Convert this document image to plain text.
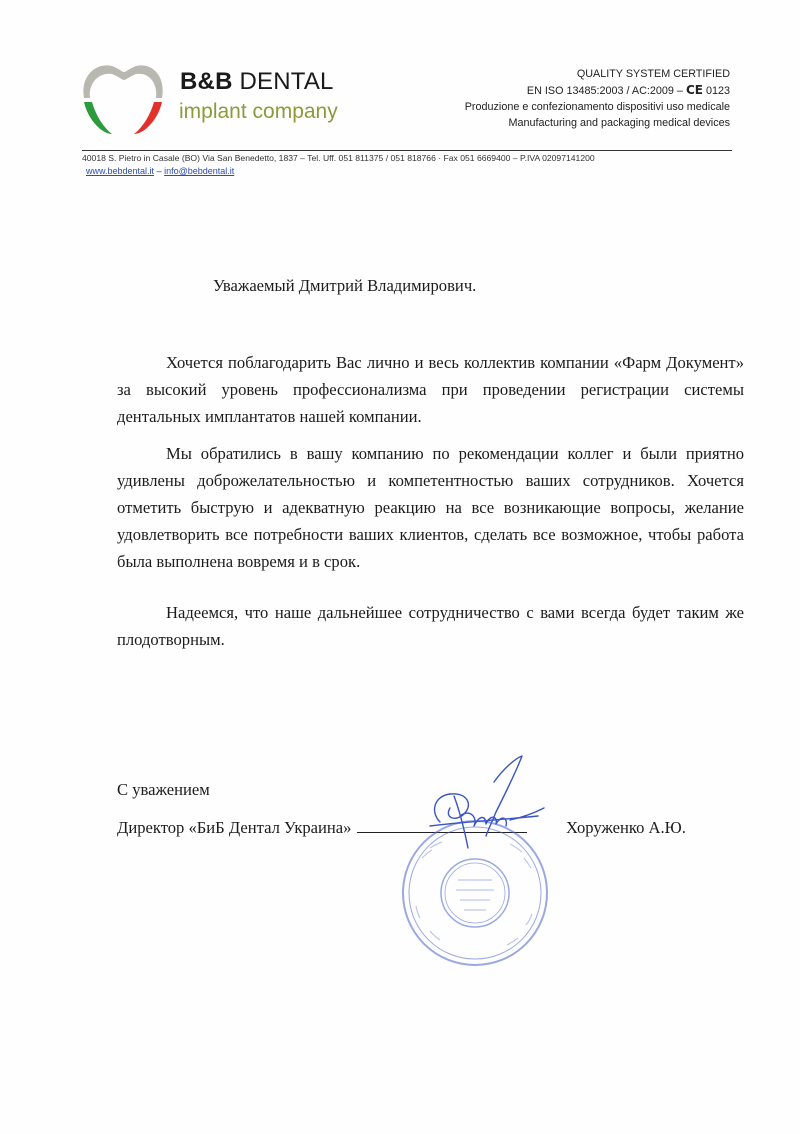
B&B DENTAL
implant company
QUALITY SYSTEM CERTIFIED
EN ISO 13485:2003 / AC:2009 – CE 0123
Produzione e confezionamento dispositivi uso medicale
Manufacturing and packaging medical devices
40018 S. Pietro in Casale (BO) Via San Benedetto, 1837 – Tel. Uff. 051 811375 / 051 818766 · Fax 051 6669400 – P.IVA 02097141200
www.bebdental.it – info@bebdental.it
Уважаемый Дмитрий Владимирович.

Хочется поблагодарить Вас лично и весь коллектив компании «Фарм Документ» за высокий уровень профессионализма при проведении регистрации системы дентальных имплантатов нашей компании.

Мы обратились в вашу компанию по рекомендации коллег и были приятно удивлены доброжелательностью и компетентностью ваших сотрудников. Хочется отметить быструю и адекватную реакцию на все возникающие вопросы, желание удовлетворить все потребности ваших клиентов, сделать все возможное, чтобы работа была выполнена вовремя и в срок.

Надеемся, что наше дальнейшее сотрудничество с вами всегда будет таким же плодотворным.

С уважением
Директор «БиБ Дентал Украина»	Хоруженко А.Ю.
